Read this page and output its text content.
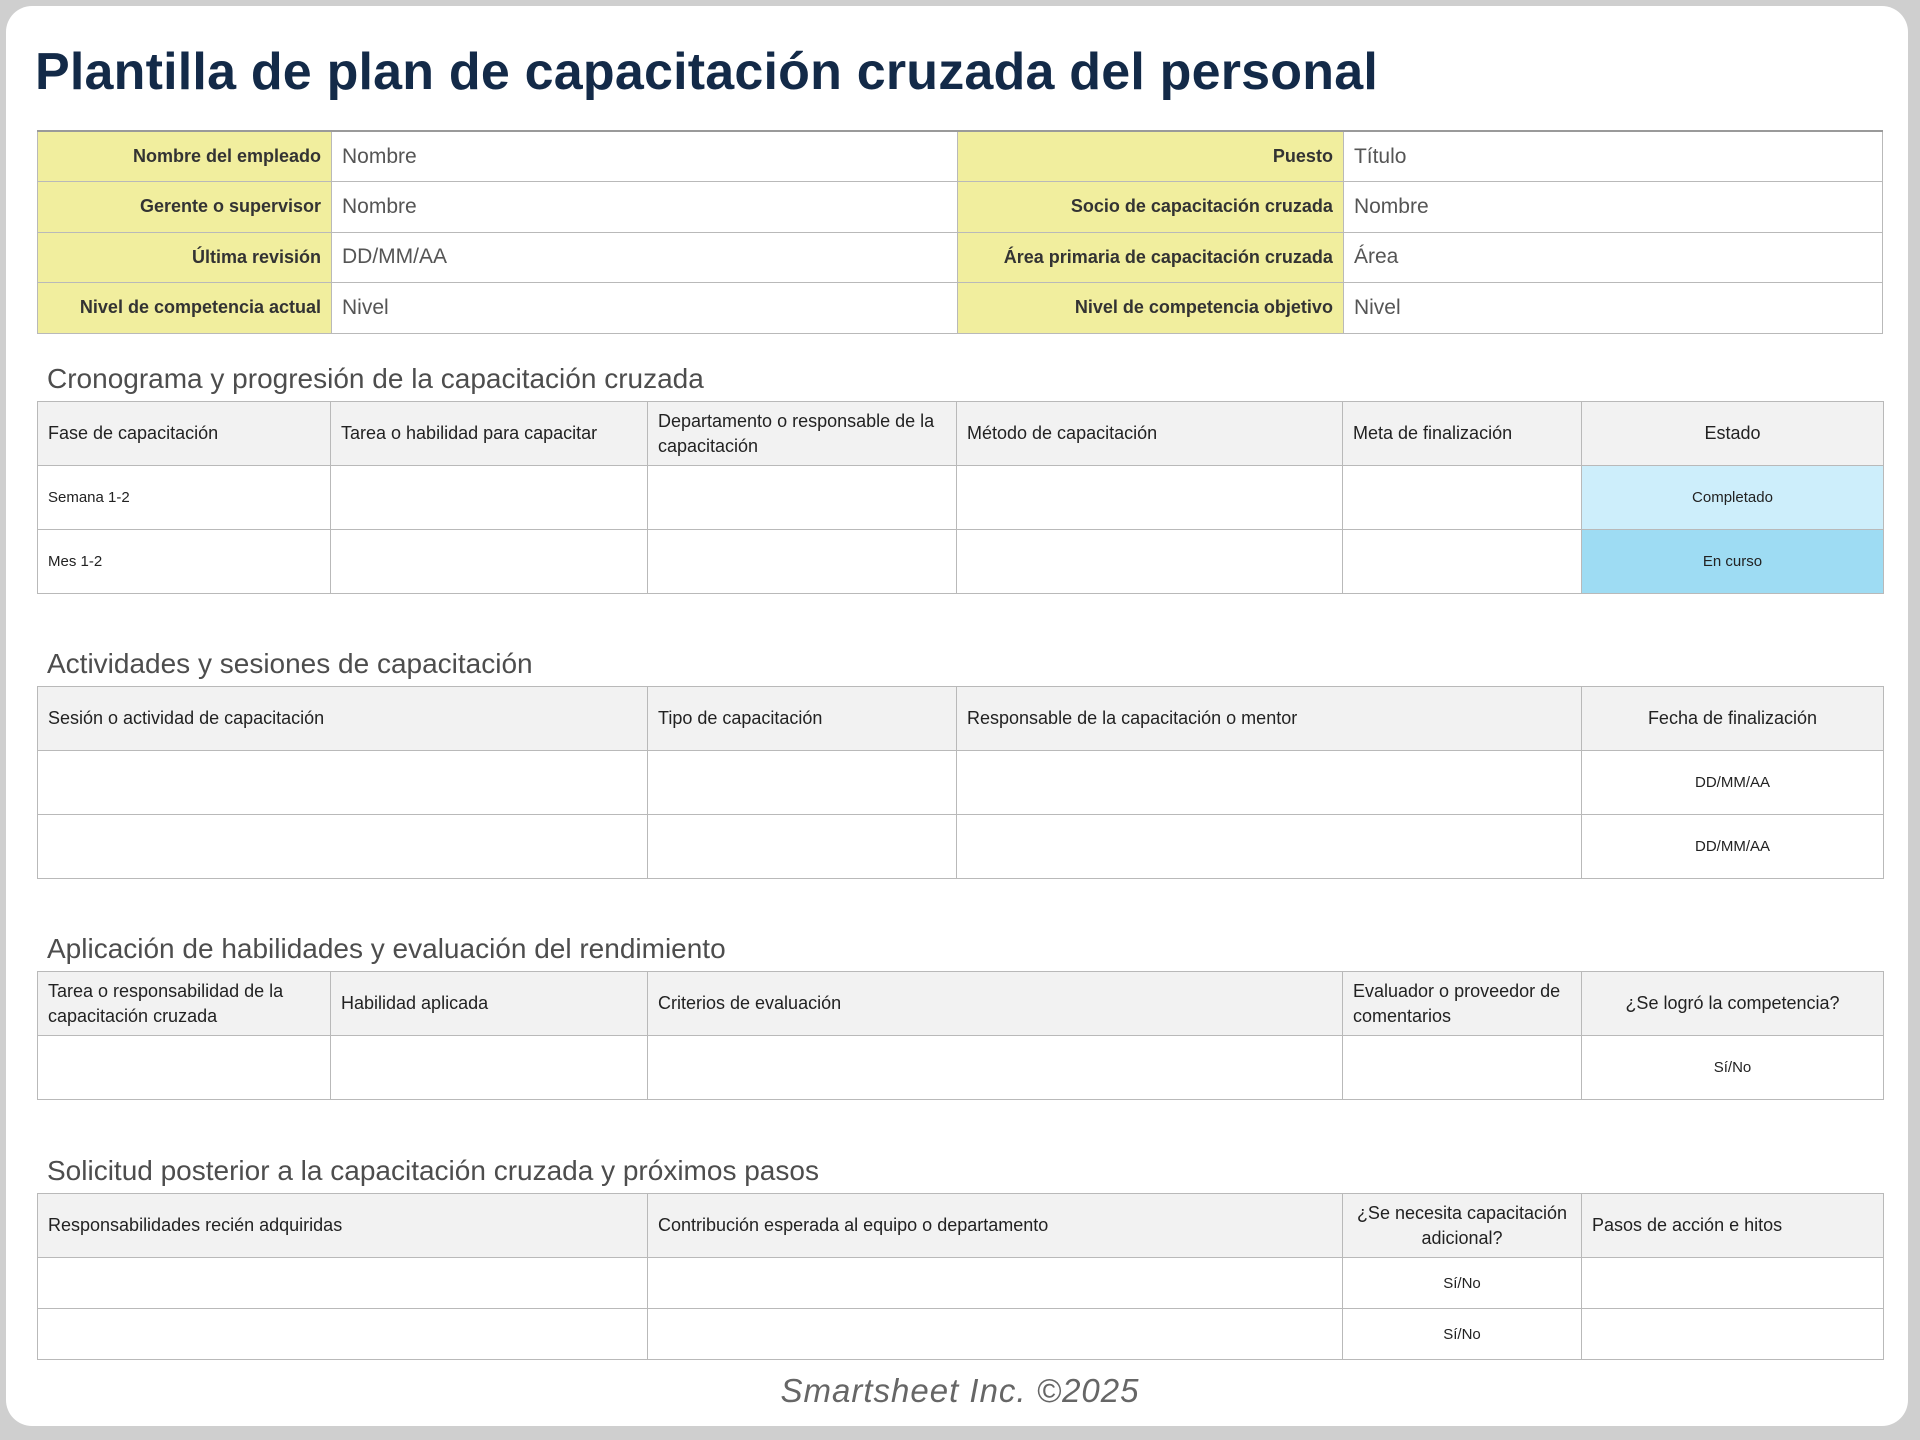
Plantilla de plan de capacitación cruzada del personal
Nombre del empleado	Nombre	Puesto	Título
Gerente o supervisor	Nombre	Socio de capacitación cruzada	Nombre
Última revisión	DD/MM/AA	Área primaria de capacitación cruzada	Área
Nivel de competencia actual	Nivel	Nivel de competencia objetivo	Nivel
Cronograma y progresión de la capacitación cruzada
Fase de capacitación	Tarea o habilidad para capacitar	Departamento o responsable de la capacitación	Método de capacitación	Meta de finalización	Estado
Semana 1-2					Completado
Mes 1-2					En curso
Actividades y sesiones de capacitación
Sesión o actividad de capacitación	Tipo de capacitación	Responsable de la capacitación o mentor	Fecha de finalización
			DD/MM/AA
			DD/MM/AA
Aplicación de habilidades y evaluación del rendimiento
Tarea o responsabilidad de la capacitación cruzada	Habilidad aplicada	Criterios de evaluación	Evaluador o proveedor de comentarios	¿Se logró la competencia?
				Sí/No
Solicitud posterior a la capacitación cruzada y próximos pasos
Responsabilidades recién adquiridas	Contribución esperada al equipo o departamento	¿Se necesita capacitación adicional?	Pasos de acción e hitos
		Sí/No	
		Sí/No	
Smartsheet Inc. ©2025
